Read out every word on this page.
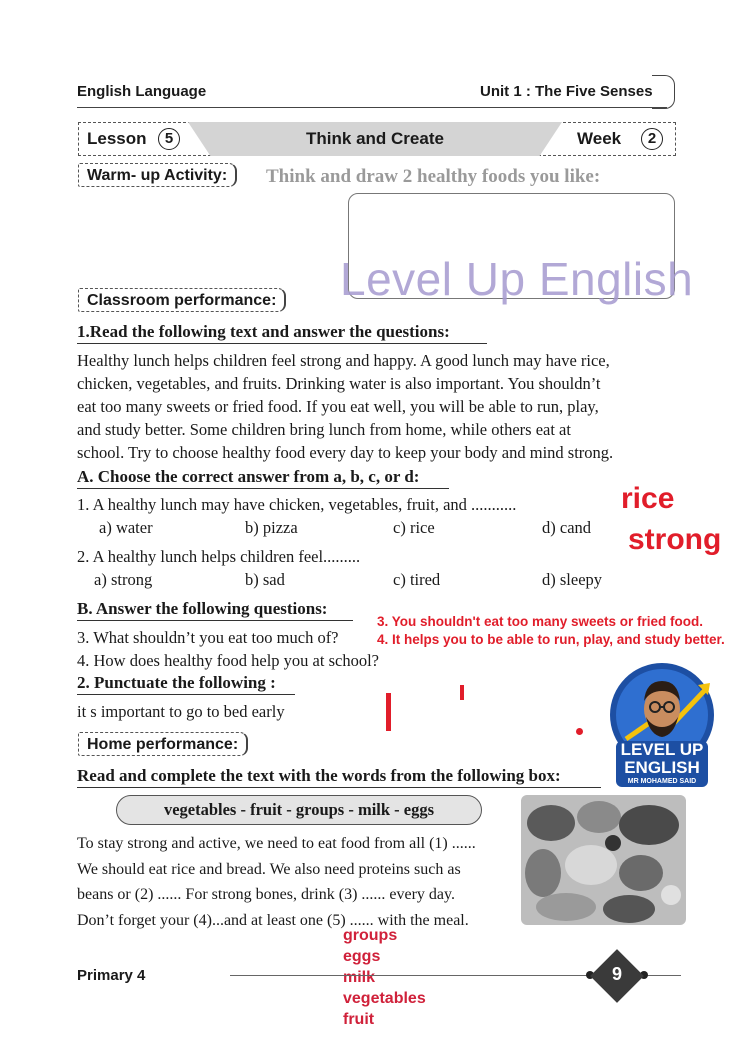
English Language	Unit 1 : The Five Senses
Lesson	5	Think and Create	Week	2
Warm- up Activity:	Think and draw 2 healthy foods you like:
Level Up English
Classroom performance:
1.Read the following text and answer the questions:
Healthy lunch helps children feel strong and happy. A good lunch may have rice,
chicken, vegetables, and fruits. Drinking water is also important. You shouldn’t
eat too many sweets or fried food. If you eat well, you will be able to run, play,
and study better. Some children bring lunch from home, while others eat at
school. Try to choose healthy food every day to keep your body and mind strong.
A. Choose the correct answer from a, b, c, or d:
1. A healthy lunch may have chicken, vegetables, fruit, and ...........
a) water	b) pizza	c) rice	d) cand
2. A healthy lunch helps children feel.........
a) strong	b) sad	c) tired	d) sleepy
rice
strong
B. Answer the following questions:
3. What shouldn’t you eat too much of?
4. How does healthy food help you at school?
3. You shouldn't eat too many sweets or fried food.
4. It helps you to be able to run, play, and study better.
2. Punctuate the following :
it s important to go to bed early
LEVEL UP
ENGLISH
MR MOHAMED SAID
Home performance:
Read and complete the text with the words from the following box:
vegetables - fruit - groups - milk - eggs
To stay strong and active, we need to eat food from all (1) ......
We should eat rice and bread. We also need proteins such as
beans or (2) ...... For strong bones, drink (3) ...... every day.
Don’t forget your (4)...and at least one (5) ...... with the meal.
groups
eggs
milk
vegetables
fruit
Primary 4	9
